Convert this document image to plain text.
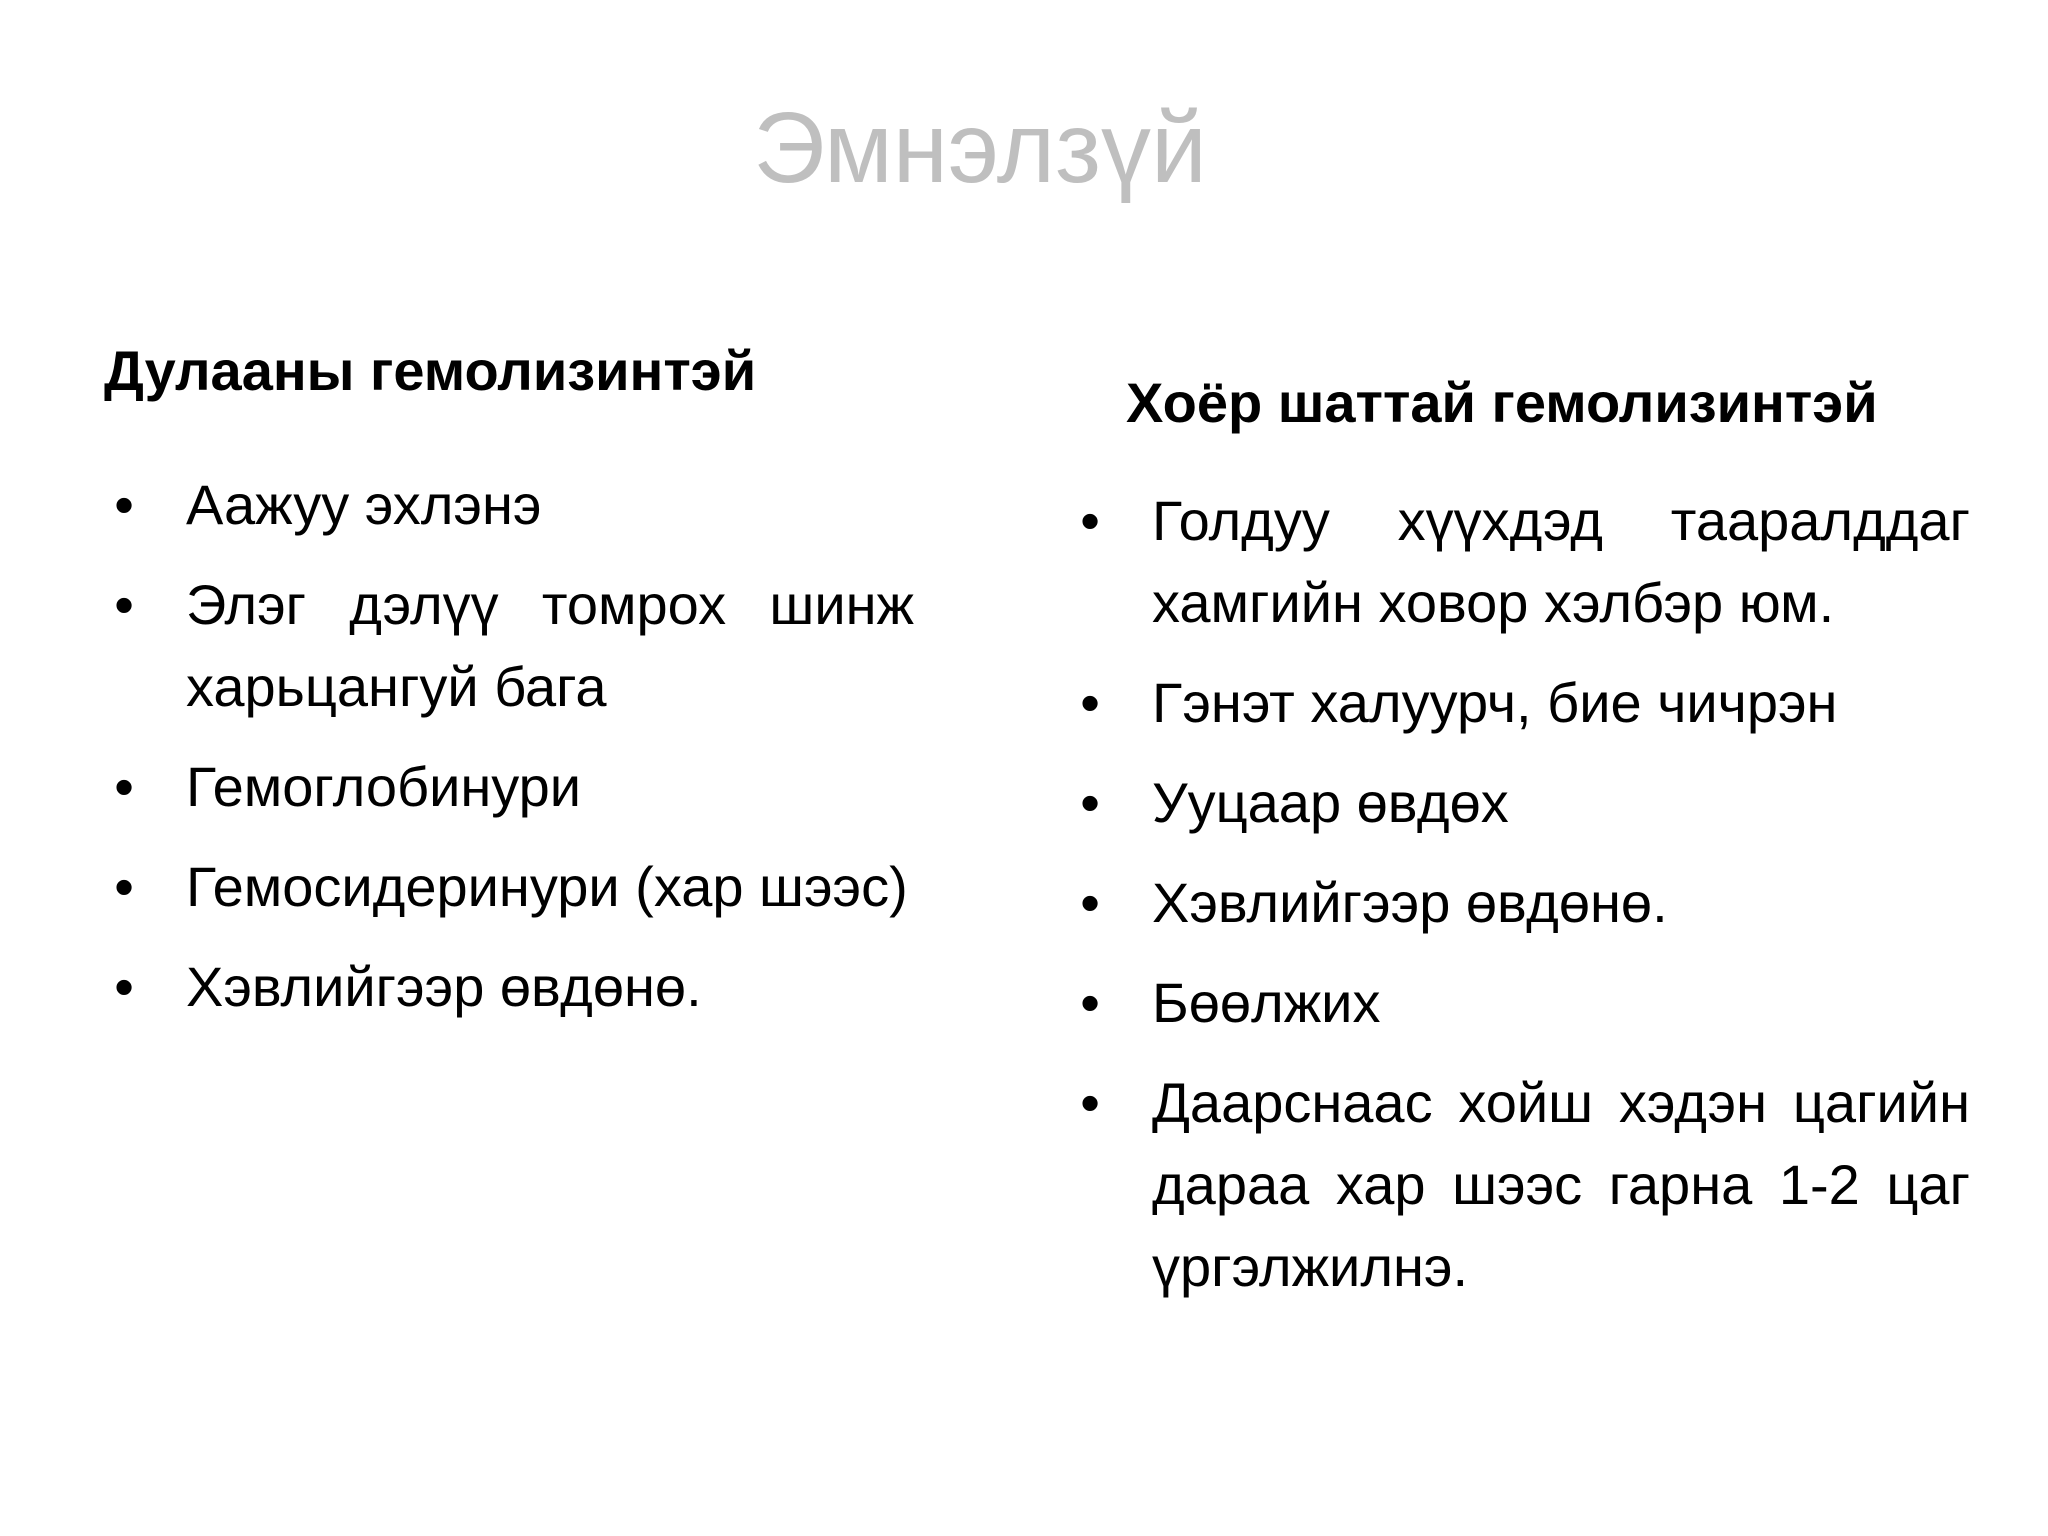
Эмнэлзүй
Дулааны гемолизинтэй
• Аажуу эхлэнэ
• Элэг дэлүү томрох шинж харьцангуй бага
• Гемоглобинури
• Гемосидеринури (хар шээс)
• Хэвлийгээр өвдөнө.
Хоёр шаттай гемолизинтэй
• Голдуу хүүхдэд тааралддаг хамгийн ховор хэлбэр юм.
• Гэнэт халуурч, бие чичрэн
• Ууцаар өвдөх
• Хэвлийгээр өвдөнө.
• Бөөлжих
• Даарснаас хойш хэдэн цагийн дараа хар шээс гарна 1-2 цаг үргэлжилнэ.
